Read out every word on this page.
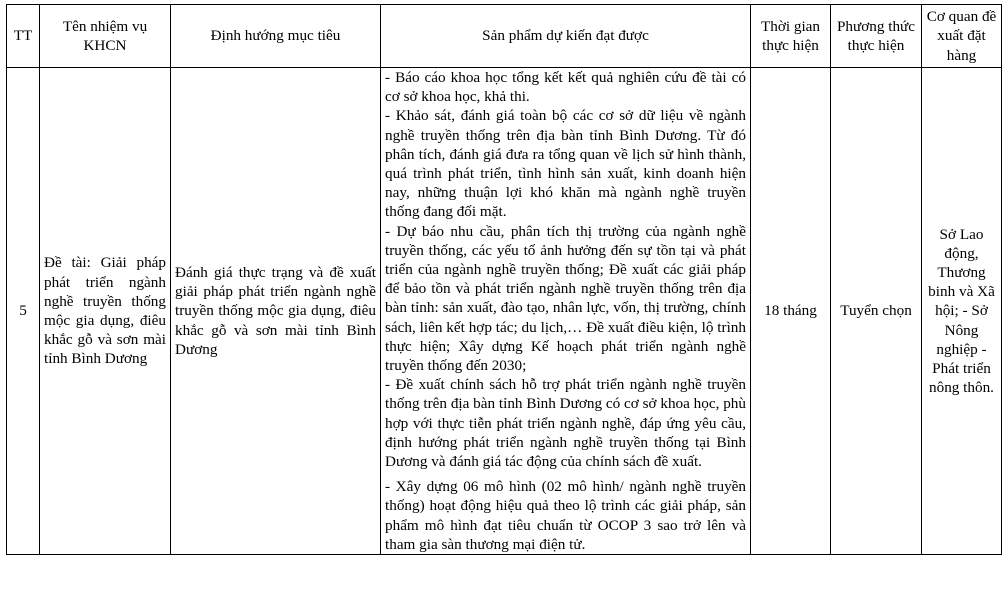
TT	Tên nhiệm vụ KHCN	Định hướng mục tiêu	Sản phẩm dự kiến đạt được	Thời gian thực hiện	Phương thức thực hiện	Cơ quan đề xuất đặt hàng
5	Đề tài: Giải pháp phát triển ngành nghề truyền thống mộc gia dụng, điêu khắc gỗ và sơn mài tỉnh Bình Dương	Đánh giá thực trạng và đề xuất giải pháp phát triển ngành nghề truyền thống mộc gia dụng, điêu khắc gỗ và sơn mài tỉnh Bình Dương	- Báo cáo khoa học tổng kết kết quả nghiên cứu đề tài có cơ sở khoa học, khả thi.

- Khảo sát, đánh giá toàn bộ các cơ sở dữ liệu về ngành nghề truyền thống trên địa bàn tỉnh Bình Dương. Từ đó phân tích, đánh giá đưa ra tổng quan về lịch sử hình thành, quá trình phát triển, tình hình sản xuất, kinh doanh hiện nay, những thuận lợi khó khăn mà ngành nghề truyền thống đang đối mặt.

- Dự báo nhu cầu, phân tích thị trường của ngành nghề truyền thống, các yếu tố ảnh hưởng đến sự tồn tại và phát triển của ngành nghề truyền thống; Đề xuất các giải pháp để bảo tồn và phát triển ngành nghề truyền thống trên địa bàn tỉnh: sản xuất, đào tạo, nhân lực, vốn, thị trường, chính sách, liên kết hợp tác; du lịch,… Đề xuất điều kiện, lộ trình thực hiện; Xây dựng Kế hoạch phát triển ngành nghề truyền thống đến 2030;

- Đề xuất chính sách hỗ trợ phát triển ngành nghề truyền thống trên địa bàn tỉnh Bình Dương có cơ sở khoa học, phù hợp với thực tiễn phát triển ngành nghề, đáp ứng yêu cầu, định hướng phát triển ngành nghề truyền thống tại Bình Dương và đánh giá tác động của chính sách đề xuất.

- Xây dựng 06 mô hình (02 mô hình/ ngành nghề truyền thống) hoạt động hiệu quả theo lộ trình các giải pháp, sản phẩm mô hình đạt tiêu chuẩn từ OCOP 3 sao trở lên và tham gia sàn thương mại điện tử.	18 tháng	Tuyển chọn	Sở Lao động, Thương binh và Xã hội; - Sở Nông nghiệp - Phát triển nông thôn.
